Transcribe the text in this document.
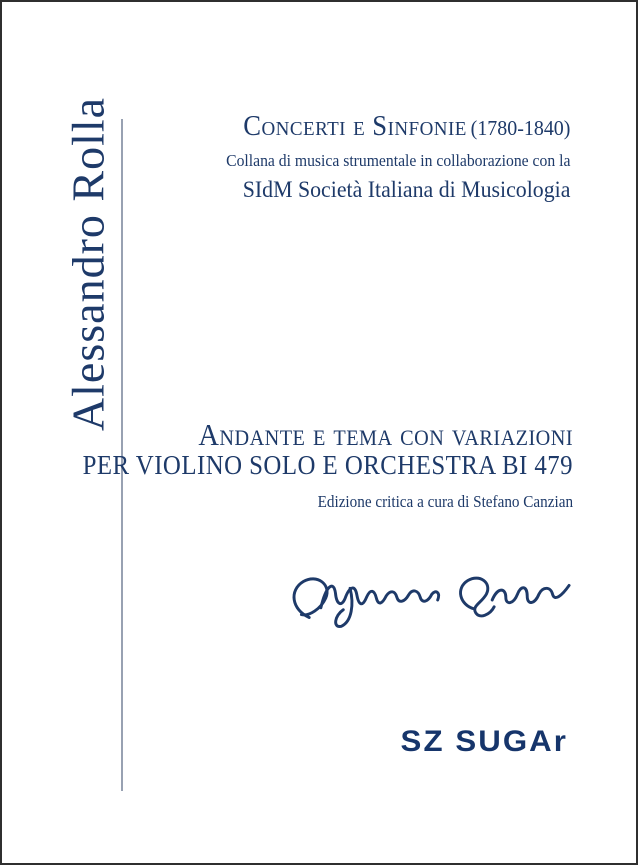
Alessandro Rolla	Concerti e Sinfonie (1780-1840)
Collana di musica strumentale in collaborazione con la
SIdM Società Italiana di Musicologia
Andante e tema con variazioni
PER VIOLINO SOLO E ORCHESTRA BI 479
Edizione critica a cura di Stefano Canzian
SZ SUGAr
